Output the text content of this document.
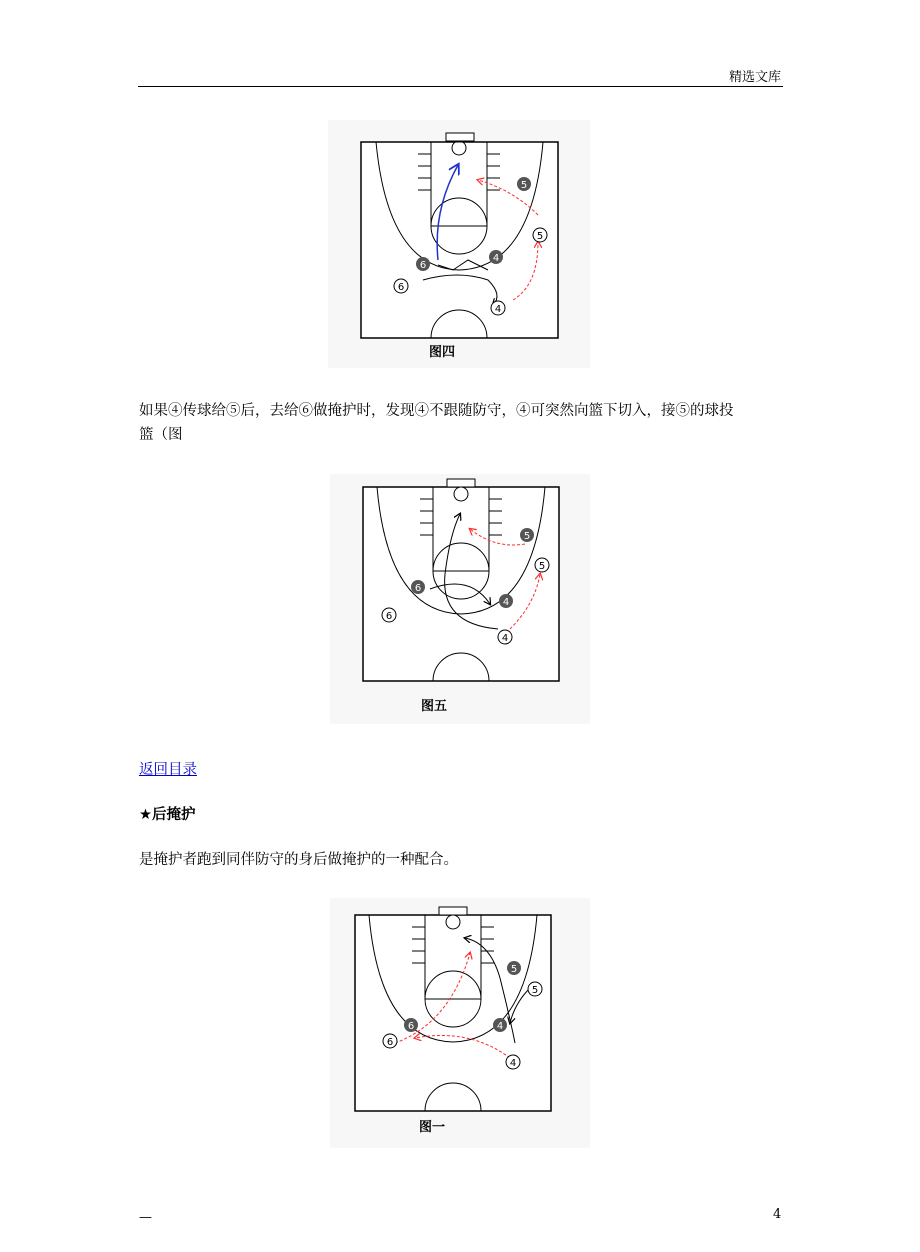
精选文库
5
5
4
6
6
4
图四
如果④传球给⑤后，去给⑥做掩护时，发现④不跟随防守，④可突然向篮下切入，接⑤的球投
篮（图
5
5
6
4
6
4
图五
返回目录
★后掩护
是掩护者跑到同伴防守的身后做掩护的一种配合。
5
5
6	4
6
4
图一
—	4
